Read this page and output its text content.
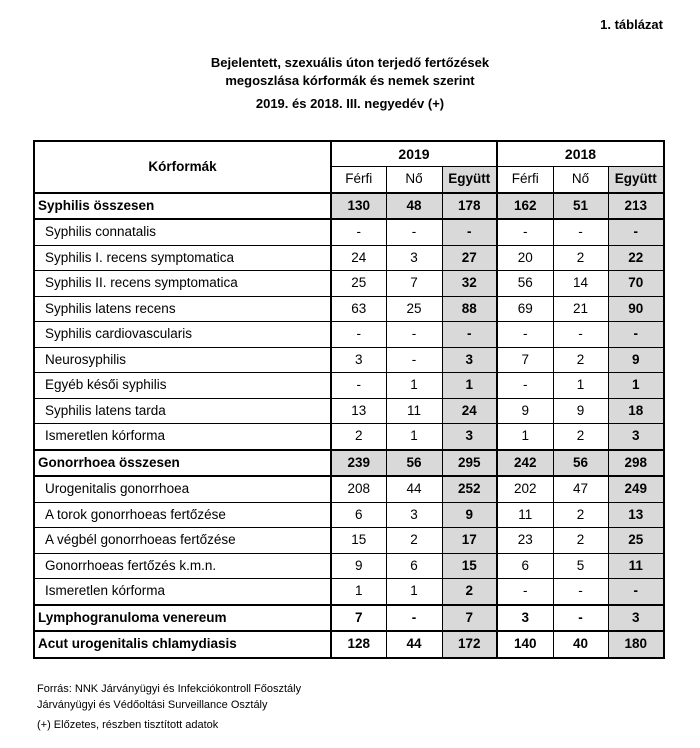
1. táblázat
Bejelentett, szexuális úton terjedő fertőzések
megoszlása kórformák és nemek szerint
2019. és 2018. III. negyedév (+)
Kórformák	2019			2018		
	Férfi	Nő	Együtt	Férfi	Nő	Együtt
Syphilis összesen	130	48	178	162	51	213
Syphilis connatalis	-	-	-	-	-	-
Syphilis I. recens symptomatica	24	3	27	20	2	22
Syphilis II. recens symptomatica	25	7	32	56	14	70
Syphilis latens recens	63	25	88	69	21	90
Syphilis cardiovascularis	-	-	-	-	-	-
Neurosyphilis	3	-	3	7	2	9
Egyéb késői syphilis	-	1	1	-	1	1
Syphilis latens tarda	13	11	24	9	9	18
Ismeretlen kórforma	2	1	3	1	2	3
Gonorrhoea összesen	239	56	295	242	56	298
Urogenitalis gonorrhoea	208	44	252	202	47	249
A torok gonorrhoeas fertőzése	6	3	9	11	2	13
A végbél gonorrhoeas fertőzése	15	2	17	23	2	25
Gonorrhoeas fertőzés k.m.n.	9	6	15	6	5	11
Ismeretlen kórforma	1	1	2	-	-	-
Lymphogranuloma venereum	7	-	7	3	-	3
Acut urogenitalis chlamydiasis	128	44	172	140	40	180
Forrás: NNK Járványügyi és Infekciókontroll Főosztály
Járványügyi és Védőoltási Surveillance Osztály
(+) Előzetes, részben tisztított adatok
